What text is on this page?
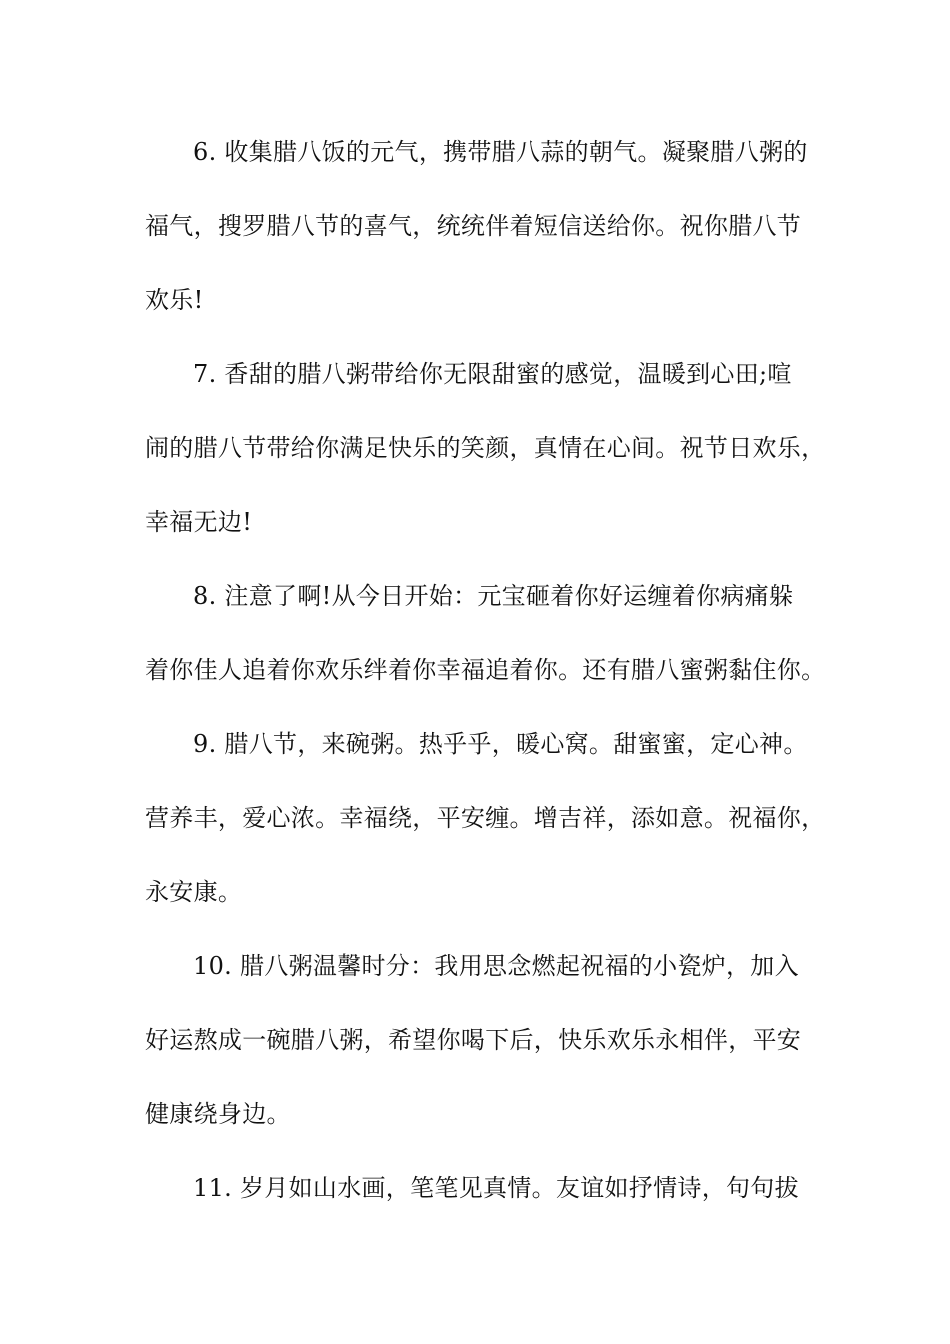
6. 收集腊八饭的元气，携带腊八蒜的朝气。凝聚腊八粥的
福气，搜罗腊八节的喜气，统统伴着短信送给你。祝你腊八节
欢乐!
7. 香甜的腊八粥带给你无限甜蜜的感觉，温暖到心田;喧
闹的腊八节带给你满足快乐的笑颜，真情在心间。祝节日欢乐，
幸福无边!
8. 注意了啊!从今日开始：元宝砸着你好运缠着你病痛躲
着你佳人追着你欢乐绊着你幸福追着你。还有腊八蜜粥黏住你。
9. 腊八节，来碗粥。热乎乎，暖心窝。甜蜜蜜，定心神。
营养丰，爱心浓。幸福绕，平安缠。增吉祥，添如意。祝福你，
永安康。
10. 腊八粥温馨时分：我用思念燃起祝福的小瓷炉，加入
好运熬成一碗腊八粥，希望你喝下后，快乐欢乐永相伴，平安
健康绕身边。
11. 岁月如山水画，笔笔见真情。友谊如抒情诗，句句拔
